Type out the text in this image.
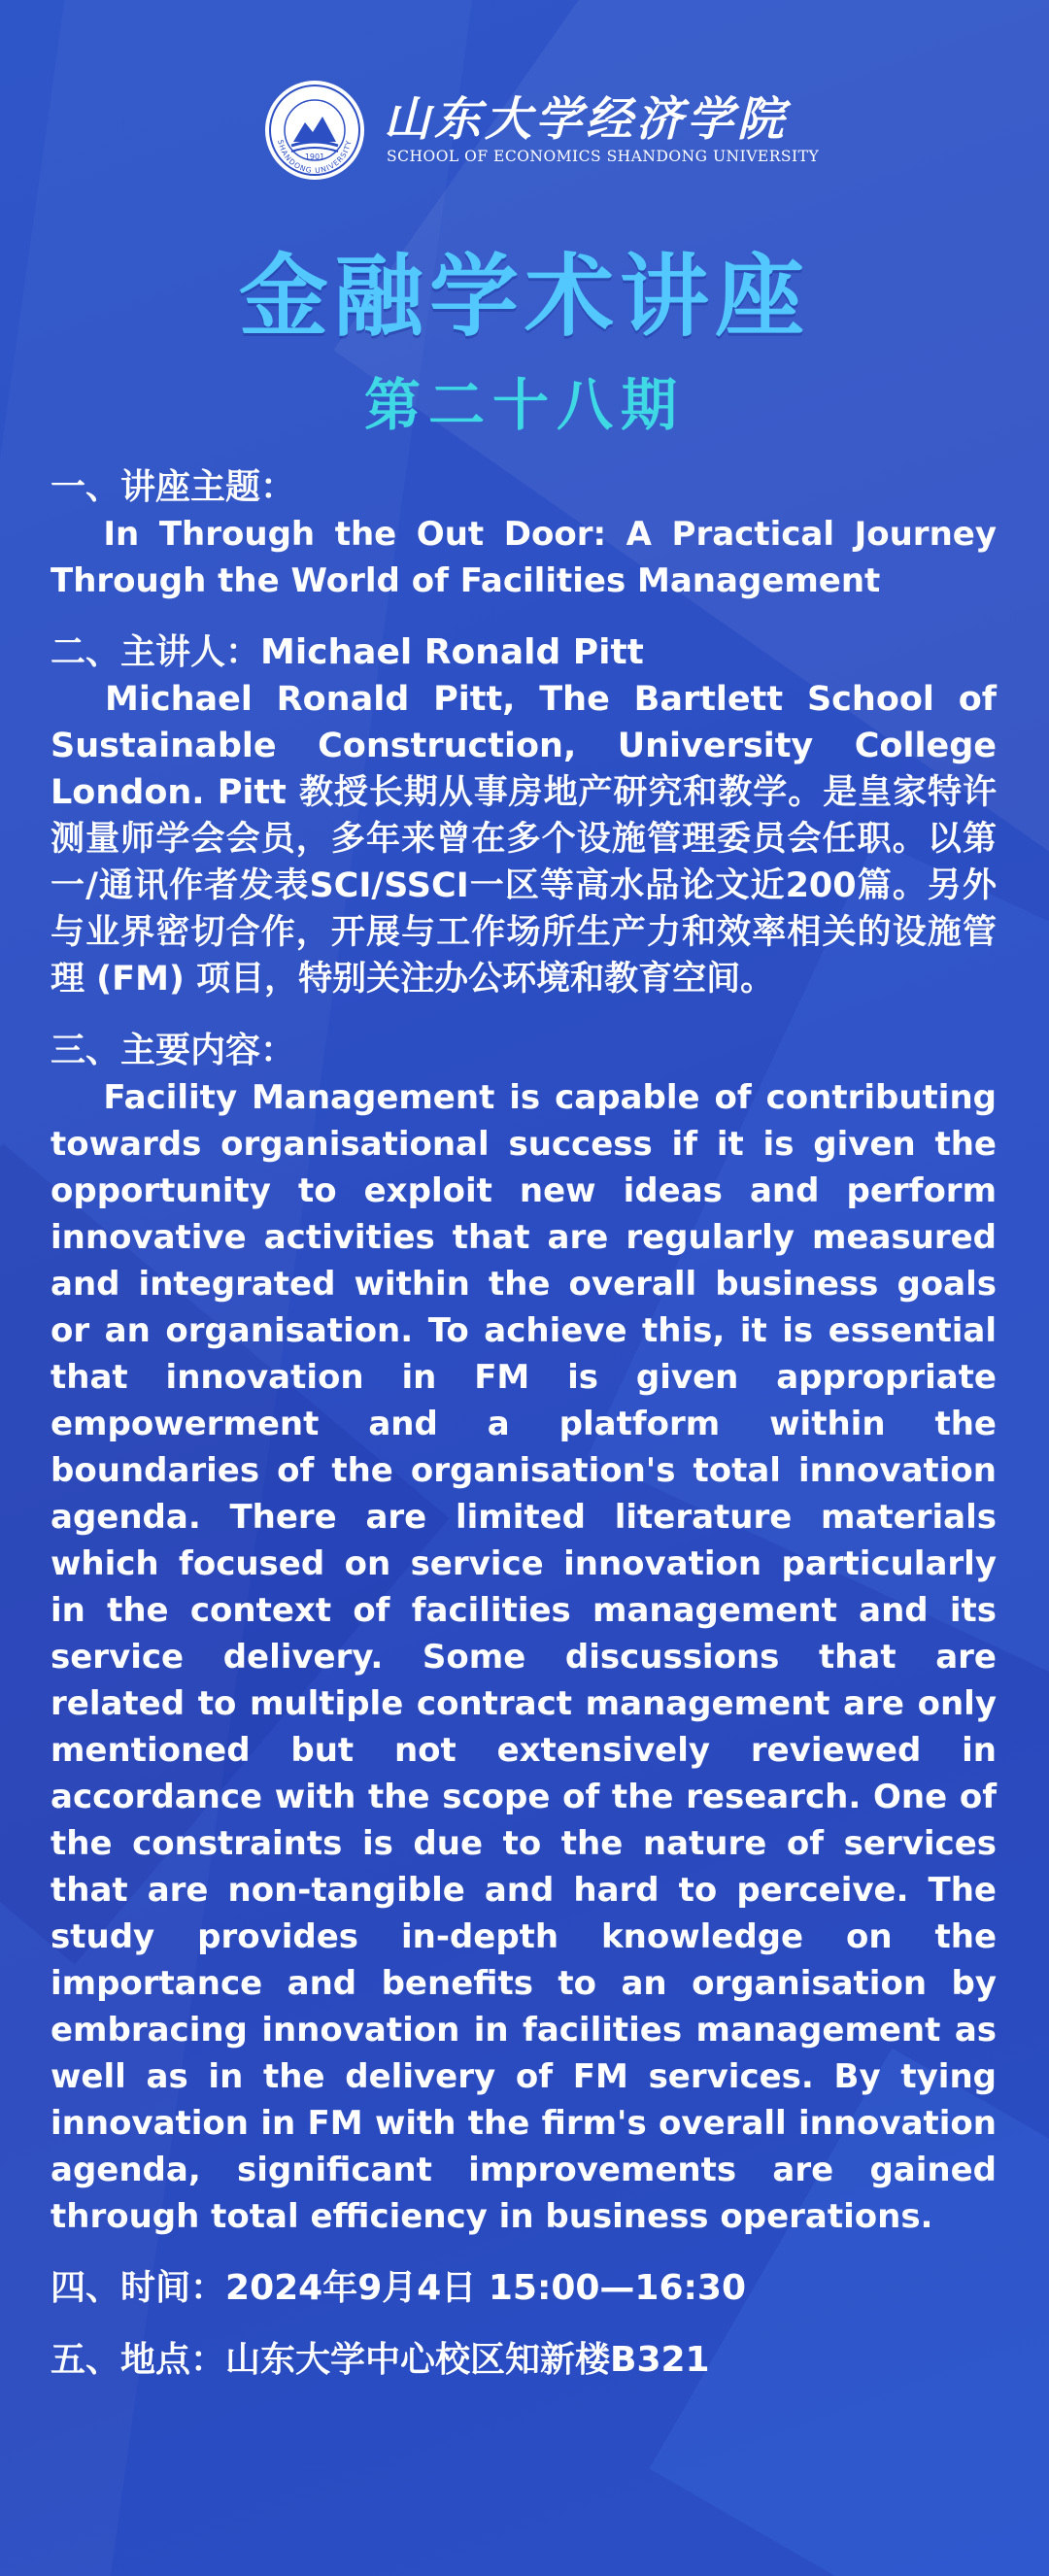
1901
SHANDONG UNIVERSITY 山东大学经济学院
SCHOOL OF ECONOMICS SHANDONG UNIVERSITY
金融学术讲座
第二十八期
一、讲座主题：

In Through the Out Door: A Practical Journey Through the World of Facilities Management

二、主讲人：Michael Ronald Pitt

Michael Ronald Pitt, The Bartlett School of Sustainable Construction, University College London. Pitt 教授长期从事房地产研究和教学。是皇家特许测量师学会会员，多年来曾在多个设施管理委员会任职。以第一/通讯作者发表SCI/SSCI一区等高水品论文近200篇。另外与业界密切合作，开展与工作场所生产力和效率相关的设施管理 (FM) 项目，特别关注办公环境和教育空间。

三、主要内容：

Facility Management is capable of contributing towards organisational success if it is given the opportunity to exploit new ideas and perform innovative activities that are regularly measured and integrated within the overall business goals or an organisation. To achieve this, it is essential that innovation in FM is given appropriate empowerment and a platform within the boundaries of the organisation's total innovation agenda. There are limited literature materials which focused on service innovation particularly in the context of facilities management and its service delivery. Some discussions that are related to multiple contract management are only mentioned but not extensively reviewed in accordance with the scope of the research. One of the constraints is due to the nature of services that are non‐tangible and hard to perceive. The study provides in‐depth knowledge on the importance and benefits to an organisation by embracing innovation in facilities management as well as in the delivery of FM services. By tying innovation in FM with the firm's overall innovation agenda, significant improvements are gained through total efficiency in business operations.

四、时间：2024年9月4日 15:00—16:30
五、地点：山东大学中心校区知新楼B321
